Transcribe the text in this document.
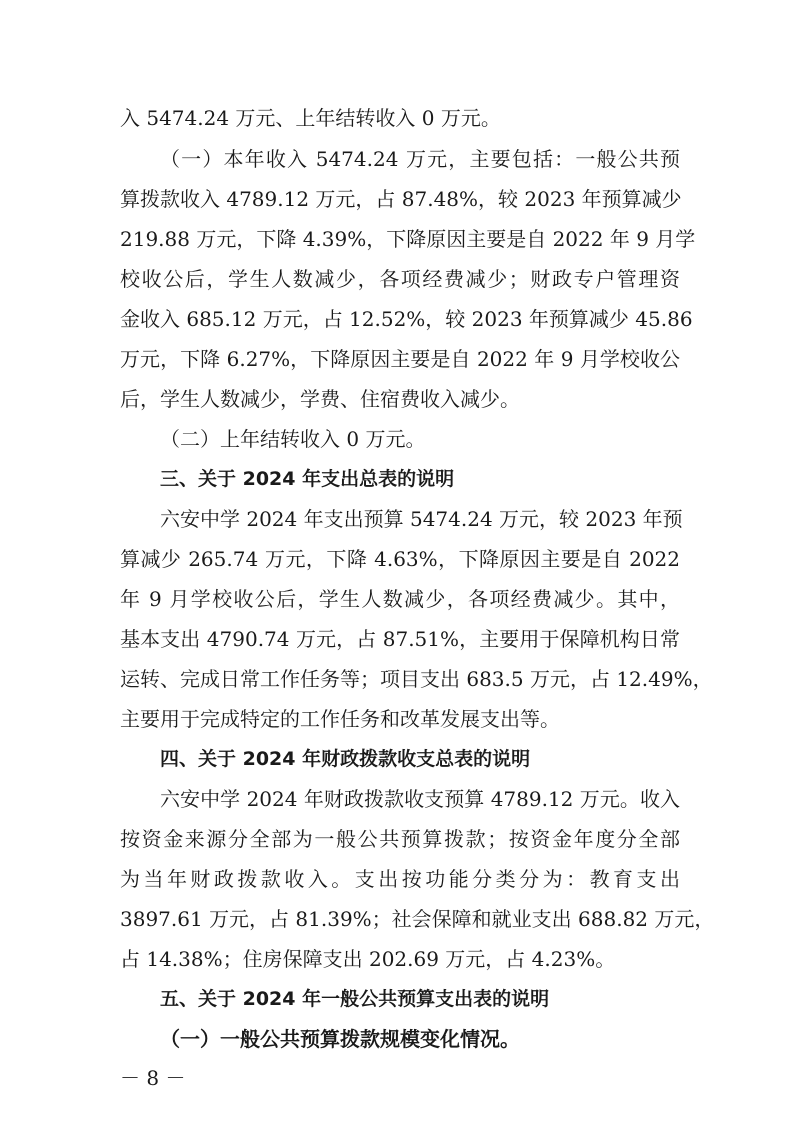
入 5474.24 万元、上年结转收入 0 万元。
（一）本年收入 5474.24 万元，主要包括：一般公共预
算拨款收入 4789.12 万元，占 87.48%，较 2023 年预算减少
219.88 万元，下降 4.39%，下降原因主要是自 2022 年 9 月学
校收公后，学生人数减少，各项经费减少；财政专户管理资
金收入 685.12 万元，占 12.52%，较 2023 年预算减少 45.86
万元，下降 6.27%，下降原因主要是自 2022 年 9 月学校收公
后，学生人数减少，学费、住宿费收入减少。
（二）上年结转收入 0 万元。
三、关于 2024 年支出总表的说明
六安中学 2024 年支出预算 5474.24 万元，较 2023 年预
算减少 265.74 万元，下降 4.63%，下降原因主要是自 2022
年 9 月学校收公后，学生人数减少，各项经费减少。其中，
基本支出 4790.74 万元，占 87.51%，主要用于保障机构日常
运转、完成日常工作任务等；项目支出 683.5 万元，占 12.49%，
主要用于完成特定的工作任务和改革发展支出等。
四、关于 2024 年财政拨款收支总表的说明
六安中学 2024 年财政拨款收支预算 4789.12 万元。收入
按资金来源分全部为一般公共预算拨款；按资金年度分全部
为当年财政拨款收入。支出按功能分类分为：教育支出
3897.61 万元，占 81.39%；社会保障和就业支出 688.82 万元，
占 14.38%；住房保障支出 202.69 万元，占 4.23%。
五、关于 2024 年一般公共预算支出表的说明
（一）一般公共预算拨款规模变化情况。
－ 8 －
